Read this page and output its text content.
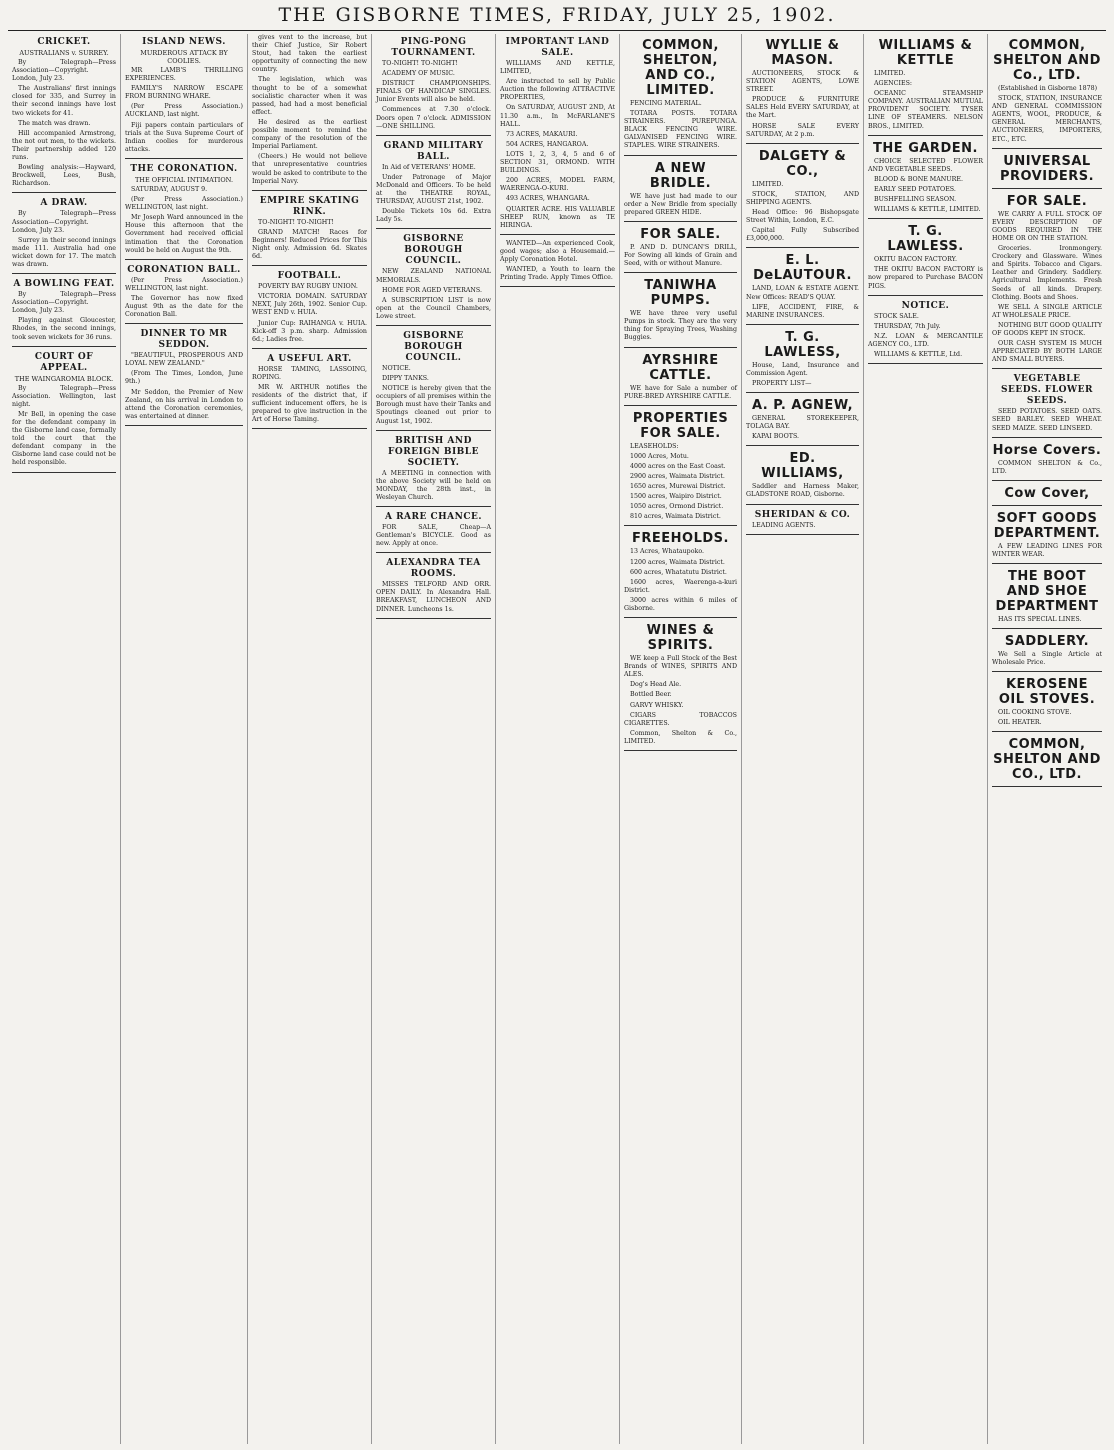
THE GISBORNE TIMES, FRIDAY, JULY 25, 1902.
CRICKET.
AUSTRALIANS v. SURREY.

By Telegraph—Press Association—Copyright. London, July 23.

The Australians' first innings closed for 335, and Surrey in their second innings have lost two wickets for 41.

The match was drawn.

Hill accompanied Armstrong, the not out men, to the wickets. Their partnership added 120 runs.

Bowling analysis:—Hayward, Brockwell, Lees, Bush, Richardson.

A DRAW.

By Telegraph—Press Association—Copyright. London, July 23.

Surrey in their second innings made 111. Australia had one wicket down for 17. The match was drawn.

A BOWLING FEAT.

By Telegraph—Press Association—Copyright. London, July 23.

Playing against Gloucester, Rhodes, in the second innings, took seven wickets for 36 runs.

COURT OF APPEAL.
THE WAINGAROMIA BLOCK.

By Telegraph—Press Association. Wellington, last night.

Mr Bell, in opening the case for the defendant company in the Gisborne land case, formally told the court that the defendant company in the Gisborne land case could not be held responsible.

ISLAND NEWS.
MURDEROUS ATTACK BY COOLIES.

MR LAMB'S THRILLING EXPERIENCES.

FAMILY'S NARROW ESCAPE FROM BURNING WHARE.

(Per Press Association.) AUCKLAND, last night.

Fiji papers contain particulars of trials at the Suva Supreme Court of Indian coolies for murderous attacks.

THE CORONATION.
THE OFFICIAL INTIMATION.

SATURDAY, AUGUST 9.

(Per Press Association.) WELLINGTON, last night.

Mr Joseph Ward announced in the House this afternoon that the Government had received official intimation that the Coronation would be held on August the 9th.

CORONATION BALL.

(Per Press Association.) WELLINGTON, last night.

The Governor has now fixed August 9th as the date for the Coronation Ball.

DINNER TO MR SEDDON.

"BEAUTIFUL, PROSPEROUS AND LOYAL NEW ZEALAND."

(From The Times, London, June 9th.)

Mr Seddon, the Premier of New Zealand, on his arrival in London to attend the Coronation ceremonies, was entertained at dinner.

gives vent to the increase, but their Chief Justice, Sir Robert Stout, had taken the earliest opportunity of connecting the new country.

The legislation, which was thought to be of a somewhat socialistic character when it was passed, had had a most beneficial effect.

He desired as the earliest possible moment to remind the company of the resolution of the Imperial Parliament.

(Cheers.) He would not believe that unrepresentative countries would be asked to contribute to the Imperial Navy.

EMPIRE SKATING RINK.

TO-NIGHT! TO-NIGHT!

GRAND MATCH! Races for Beginners! Reduced Prices for This Night only. Admission 6d. Skates 6d.

FOOTBALL.

POVERTY BAY RUGBY UNION.

VICTORIA DOMAIN. SATURDAY NEXT, July 26th, 1902. Senior Cup. WEST END v. HUIA.

Junior Cup: RAIHANGA v. HUIA. Kick-off 3 p.m. sharp. Admission 6d.; Ladies free.

A USEFUL ART.

HORSE TAMING, LASSOING, ROPING.

MR W. ARTHUR notifies the residents of the district that, if sufficient inducement offers, he is prepared to give instruction in the Art of Horse Taming.

PING-PONG TOURNAMENT.

TO-NIGHT! TO-NIGHT!

ACADEMY OF MUSIC.

DISTRICT CHAMPIONSHIPS. FINALS OF HANDICAP SINGLES. Junior Events will also be held.

Commences at 7.30 o'clock. Doors open 7 o'clock. ADMISSION—ONE SHILLING.

GRAND MILITARY BALL.

In Aid of VETERANS' HOME.

Under Patronage of Major McDonald and Officers. To be held at the THEATRE ROYAL, THURSDAY, AUGUST 21st, 1902.

Double Tickets 10s 6d. Extra Lady 5s.

GISBORNE BOROUGH COUNCIL.

NEW ZEALAND NATIONAL MEMORIALS.

HOME FOR AGED VETERANS.

A SUBSCRIPTION LIST is now open at the Council Chambers, Lowe street.

GISBORNE BOROUGH COUNCIL.

NOTICE.

DIPPY TANKS.

NOTICE is hereby given that the occupiers of all premises within the Borough must have their Tanks and Spoutings cleaned out prior to August 1st, 1902.

BRITISH AND FOREIGN BIBLE SOCIETY.

A MEETING in connection with the above Society will be held on MONDAY, the 28th inst., in Wesleyan Church.

A RARE CHANCE.

FOR SALE, Cheap—A Gentleman's BICYCLE. Good as new. Apply at once.

ALEXANDRA TEA ROOMS.

MISSES TELFORD AND ORR. OPEN DAILY. In Alexandra Hall. BREAKFAST, LUNCHEON AND DINNER. Luncheons 1s.

IMPORTANT LAND SALE.

WILLIAMS AND KETTLE, LIMITED,

Are instructed to sell by Public Auction the following ATTRACTIVE PROPERTIES,

On SATURDAY, AUGUST 2ND, At 11.30 a.m., In McFARLANE'S HALL.

73 ACRES, MAKAURI.

504 ACRES, HANGAROA.

LOTS 1, 2, 3, 4, 5 and 6 of SECTION 31, ORMOND. WITH BUILDINGS.

200 ACRES, MODEL FARM, WAERENGA-O-KURI.

493 ACRES, WHANGARA.

QUARTER ACRE. HIS VALUABLE SHEEP RUN, known as TE HIRINGA.

WANTED—An experienced Cook, good wages; also a Housemaid.—Apply Coronation Hotel.

WANTED, a Youth to learn the Printing Trade. Apply Times Office.

COMMON, SHELTON, AND CO., LIMITED.

FENCING MATERIAL.

TOTARA POSTS. TOTARA STRAINERS. PUREPUNGA. BLACK FENCING WIRE. GALVANISED FENCING WIRE. STAPLES. WIRE STRAINERS.

A NEW BRIDLE.

WE have just had made to our order a New Bridle from specially prepared GREEN HIDE.

FOR SALE.

P. AND D. DUNCAN'S DRILL, For Sowing all kinds of Grain and Seed, with or without Manure.

TANIWHA PUMPS.

WE have three very useful Pumps in stock. They are the very thing for Spraying Trees, Washing Buggies.

AYRSHIRE CATTLE.

WE have for Sale a number of PURE-BRED AYRSHIRE CATTLE.

PROPERTIES FOR SALE.

LEASEHOLDS:

1000 Acres, Motu.

4000 acres on the East Coast.

2900 acres, Waimata District.

1650 acres, Murewai District.

1500 acres, Waipiro District.

1050 acres, Ormond District.

810 acres, Waimata District.

FREEHOLDS.

13 Acres, Whataupoko.

1200 acres, Waimata District.

600 acres, Whatatutu District.

1600 acres, Waerenga-a-kuri District.

3000 acres within 6 miles of Gisborne.

WINES & SPIRITS.

WE keep a Full Stock of the Best Brands of WINES, SPIRITS AND ALES.

Dog's Head Ale.

Bottled Beer.

GARVY WHISKY.

CIGARS TOBACCOS CIGARETTES.

Common, Shelton & Co., LIMITED.

WYLLIE & MASON.

AUCTIONEERS, STOCK & STATION AGENTS, LOWE STREET.

PRODUCE & FURNITURE SALES Held EVERY SATURDAY, at the Mart.

HORSE SALE EVERY SATURDAY, At 2 p.m.

DALGETY & CO.,

LIMITED.

STOCK, STATION, AND SHIPPING AGENTS.

Head Office: 96 Bishopsgate Street Within, London, E.C.

Capital Fully Subscribed £3,000,000.

E. L. DeLAUTOUR.

LAND, LOAN & ESTATE AGENT. New Offices: READ'S QUAY.

LIFE, ACCIDENT, FIRE, & MARINE INSURANCES.

T. G. LAWLESS,

House, Land, Insurance and Commission Agent.

PROPERTY LIST—

A. P. AGNEW,

GENERAL STOREKEEPER, TOLAGA BAY.

KAPAI BOOTS.

ED. WILLIAMS,

Saddler and Harness Maker, GLADSTONE ROAD, Gisborne.

SHERIDAN & CO.

LEADING AGENTS.

WILLIAMS & KETTLE

LIMITED.

AGENCIES:

OCEANIC STEAMSHIP COMPANY. AUSTRALIAN MUTUAL PROVIDENT SOCIETY. TYSER LINE OF STEAMERS. NELSON BROS., LIMITED.

THE GARDEN.

CHOICE SELECTED FLOWER AND VEGETABLE SEEDS.

BLOOD & BONE MANURE.

EARLY SEED POTATOES.

BUSHFELLING SEASON.

WILLIAMS & KETTLE, LIMITED.

T. G. LAWLESS.

OKITU BACON FACTORY.

THE OKITU BACON FACTORY is now prepared to Purchase BACON PIGS.

NOTICE.

STOCK SALE.

THURSDAY, 7th July.

N.Z. LOAN & MERCANTILE AGENCY CO., LTD.

WILLIAMS & KETTLE, Ltd.

COMMON, SHELTON AND Co., LTD.

(Established in Gisborne 1878)

STOCK, STATION, INSURANCE AND GENERAL COMMISSION AGENTS, WOOL, PRODUCE, & GENERAL MERCHANTS, AUCTIONEERS, IMPORTERS, ETC., ETC.

UNIVERSAL PROVIDERS.
FOR SALE.

WE CARRY A FULL STOCK OF EVERY DESCRIPTION OF GOODS REQUIRED IN THE HOME OR ON THE STATION.

Groceries. Ironmongery. Crockery and Glassware. Wines and Spirits. Tobacco and Cigars. Leather and Grindery. Saddlery. Agricultural Implements. Fresh Seeds of all kinds. Drapery. Clothing. Boots and Shoes.

WE SELL A SINGLE ARTICLE AT WHOLESALE PRICE.

NOTHING BUT GOOD QUALITY OF GOODS KEPT IN STOCK.

OUR CASH SYSTEM IS MUCH APPRECIATED BY BOTH LARGE AND SMALL BUYERS.

VEGETABLE SEEDS. FLOWER SEEDS.

SEED POTATOES. SEED OATS. SEED BARLEY. SEED WHEAT. SEED MAIZE. SEED LINSEED.

Horse Covers.

COMMON SHELTON & Co., LTD.

Cow Cover,
SOFT GOODS DEPARTMENT.

A FEW LEADING LINES FOR WINTER WEAR.

THE BOOT AND SHOE DEPARTMENT

HAS ITS SPECIAL LINES.

SADDLERY.

We Sell a Single Article at Wholesale Price.

KEROSENE OIL STOVES.

OIL COOKING STOVE.

OIL HEATER.

COMMON, SHELTON AND CO., LTD.
